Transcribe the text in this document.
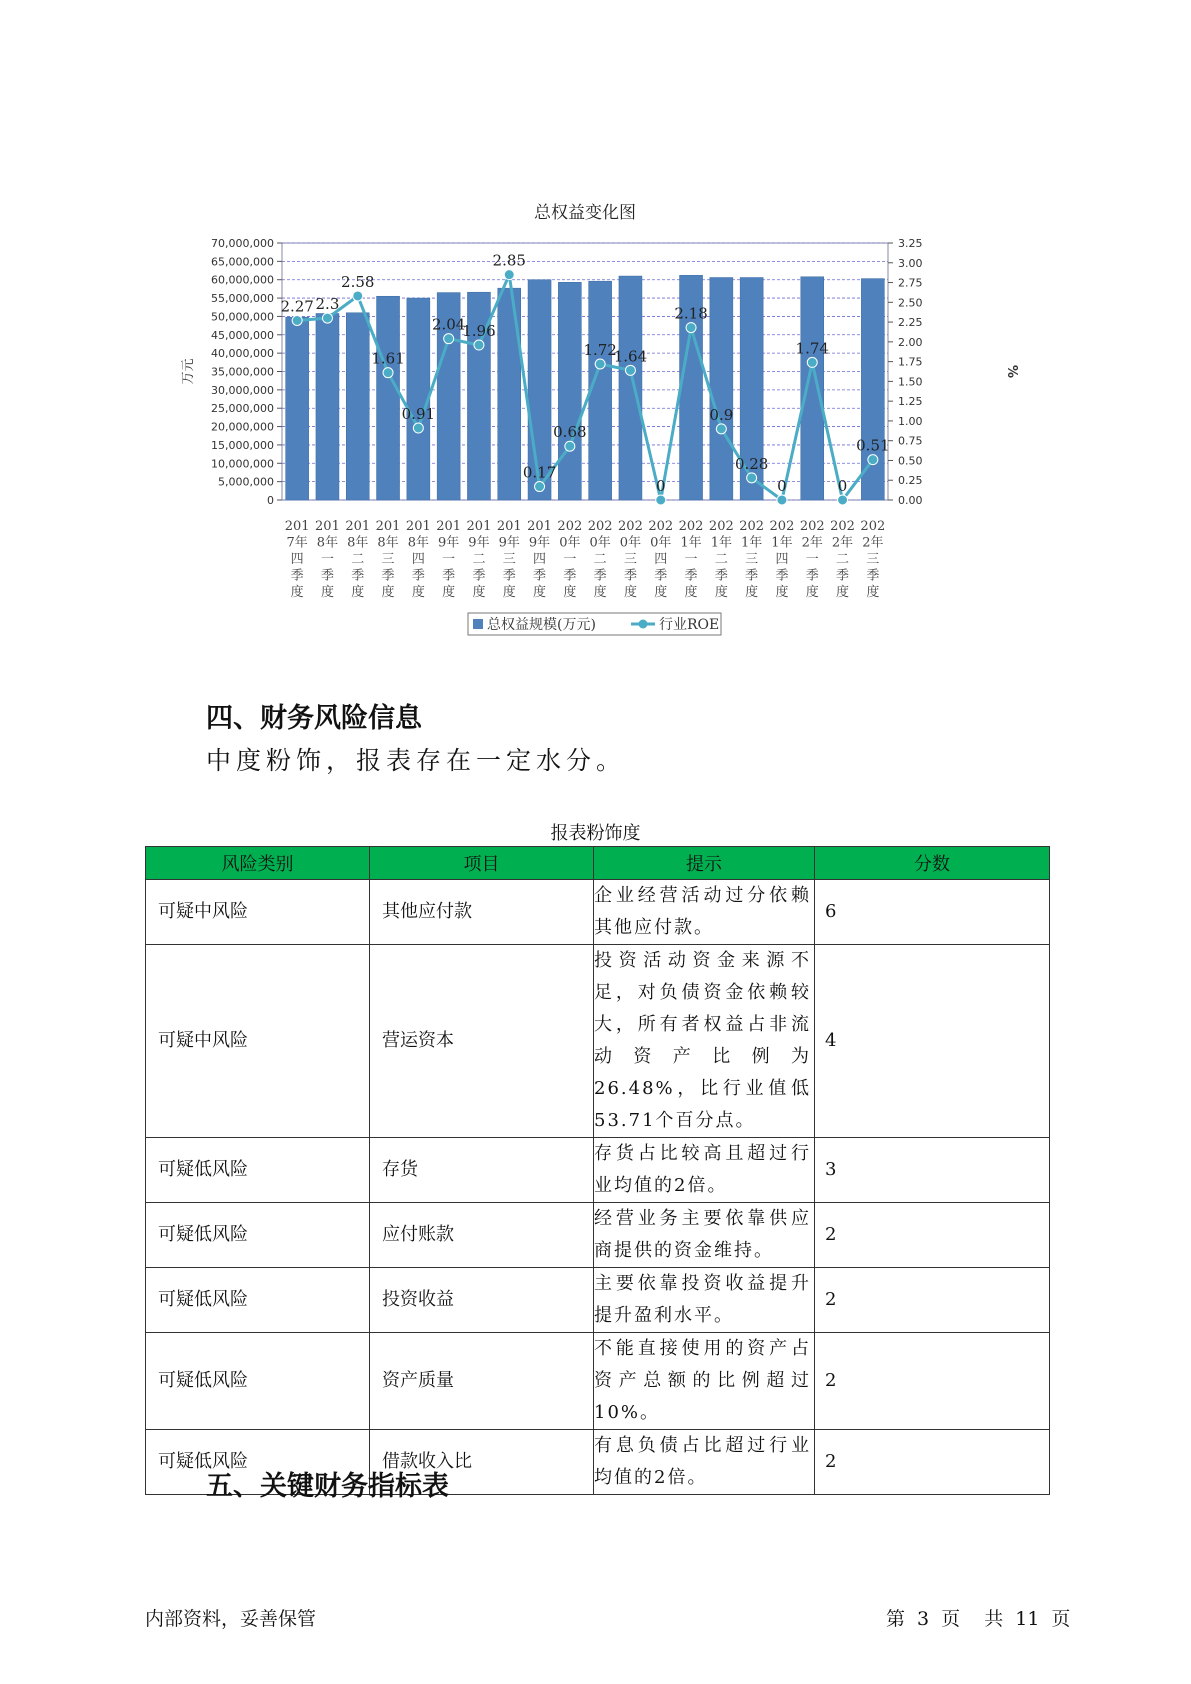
总权益变化图
70,000,000
65,000,000
60,000,000
55,000,000
50,000,000
45,000,000
40,000,000
35,000,000
30,000,000
25,000,000
20,000,000
15,000,000
10,000,000
5,000,000
0
3.25
3.00
2.75
2.50
2.25
2.00
1.75
1.50
1.25
1.00
0.75
0.50
0.25
0.00
万元	%
2.27 2.3
2.58
1.61
0.91
2.04
1.96
2.85
0.17
0.68
1.72
1.64
0
2.18
0.9
0.28
0
1.74
0
0.51
201 7年四季度
201 8年一季度
201 8年二季度
201 8年三季度
201 8年四季度
201 9年一季度
201 9年二季度
201 9年三季度
201 9年四季度
202 0年一季度
202 0年二季度
202 0年三季度
202 0年四季度
202 1年一季度
202 1年二季度
202 1年三季度
202 1年四季度
202 2年一季度
202 2年二季度
202 2年三季度
总权益规模(万元)	行业ROE
四、财务风险信息

中度粉饰，报表存在一定水分。

报表粉饰度

风险类别	项目	提示	分数
可疑中风险	其他应付款	企业经营活动过分依赖其他应付款。	6
可疑中风险	营运资本	投资活动资金来源不足，对负债资金依赖较大，所有者权益占非流动资产比例为26.48%，比行业值低53.71个百分点。	4
可疑低风险	存货	存货占比较高且超过行业均值的2倍。	3
可疑低风险	应付账款	经营业务主要依靠供应商提供的资金维持。	2
可疑低风险	投资收益	主要依靠投资收益提升提升盈利水平。	2
可疑低风险	资产质量	不能直接使用的资产占资产总额的比例超过10%。	2
可疑低风险	借款收入比	有息负债占比超过行业均值的2倍。	2
五、关键财务指标表

内部资料，妥善保管	第 3 页 共 11 页
